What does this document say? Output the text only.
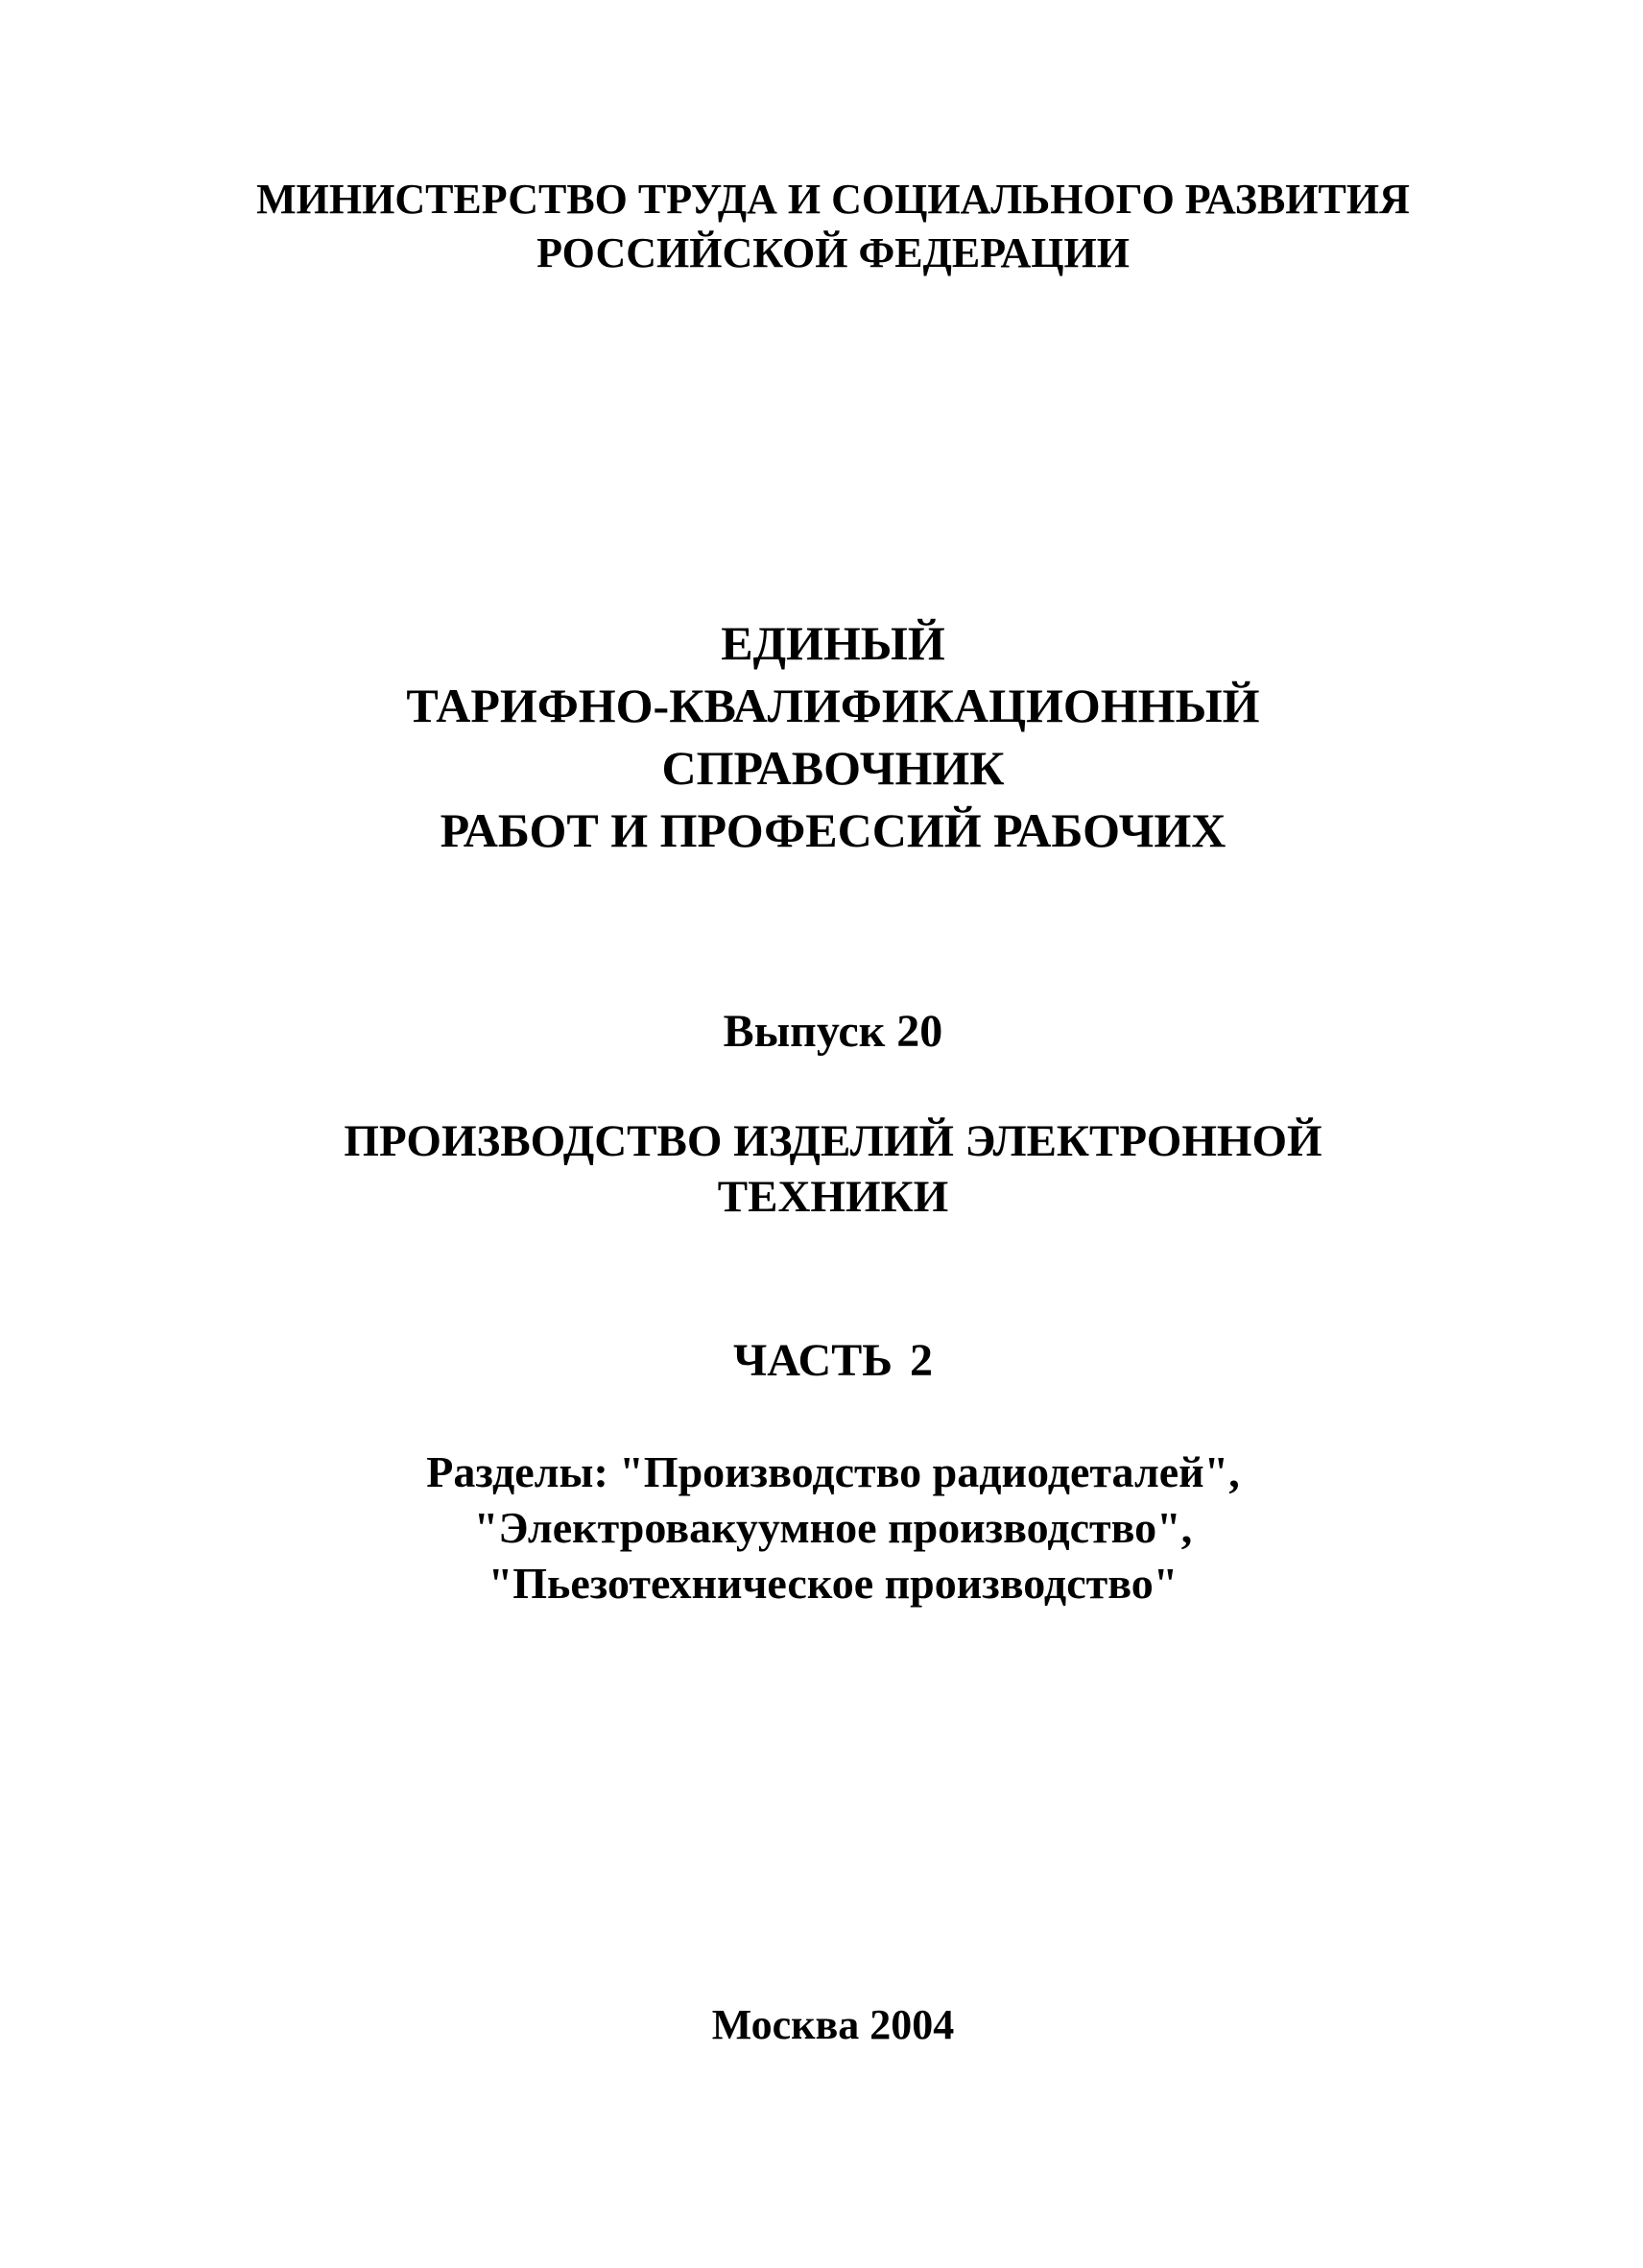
МИНИСТЕРСТВО ТРУДА И СОЦИАЛЬНОГО РАЗВИТИЯ
РОССИЙСКОЙ ФЕДЕРАЦИИ
ЕДИНЫЙ
ТАРИФНО-КВАЛИФИКАЦИОННЫЙ
СПРАВОЧНИК
РАБОТ И ПРОФЕССИЙ РАБОЧИХ
Выпуск 20
ПРОИЗВОДСТВО ИЗДЕЛИЙ ЭЛЕКТРОННОЙ
ТЕХНИКИ
ЧАСТЬ 2
Разделы: "Производство радиодеталей",
"Электровакуумное производство",
"Пьезотехническое производство"
Москва 2004
